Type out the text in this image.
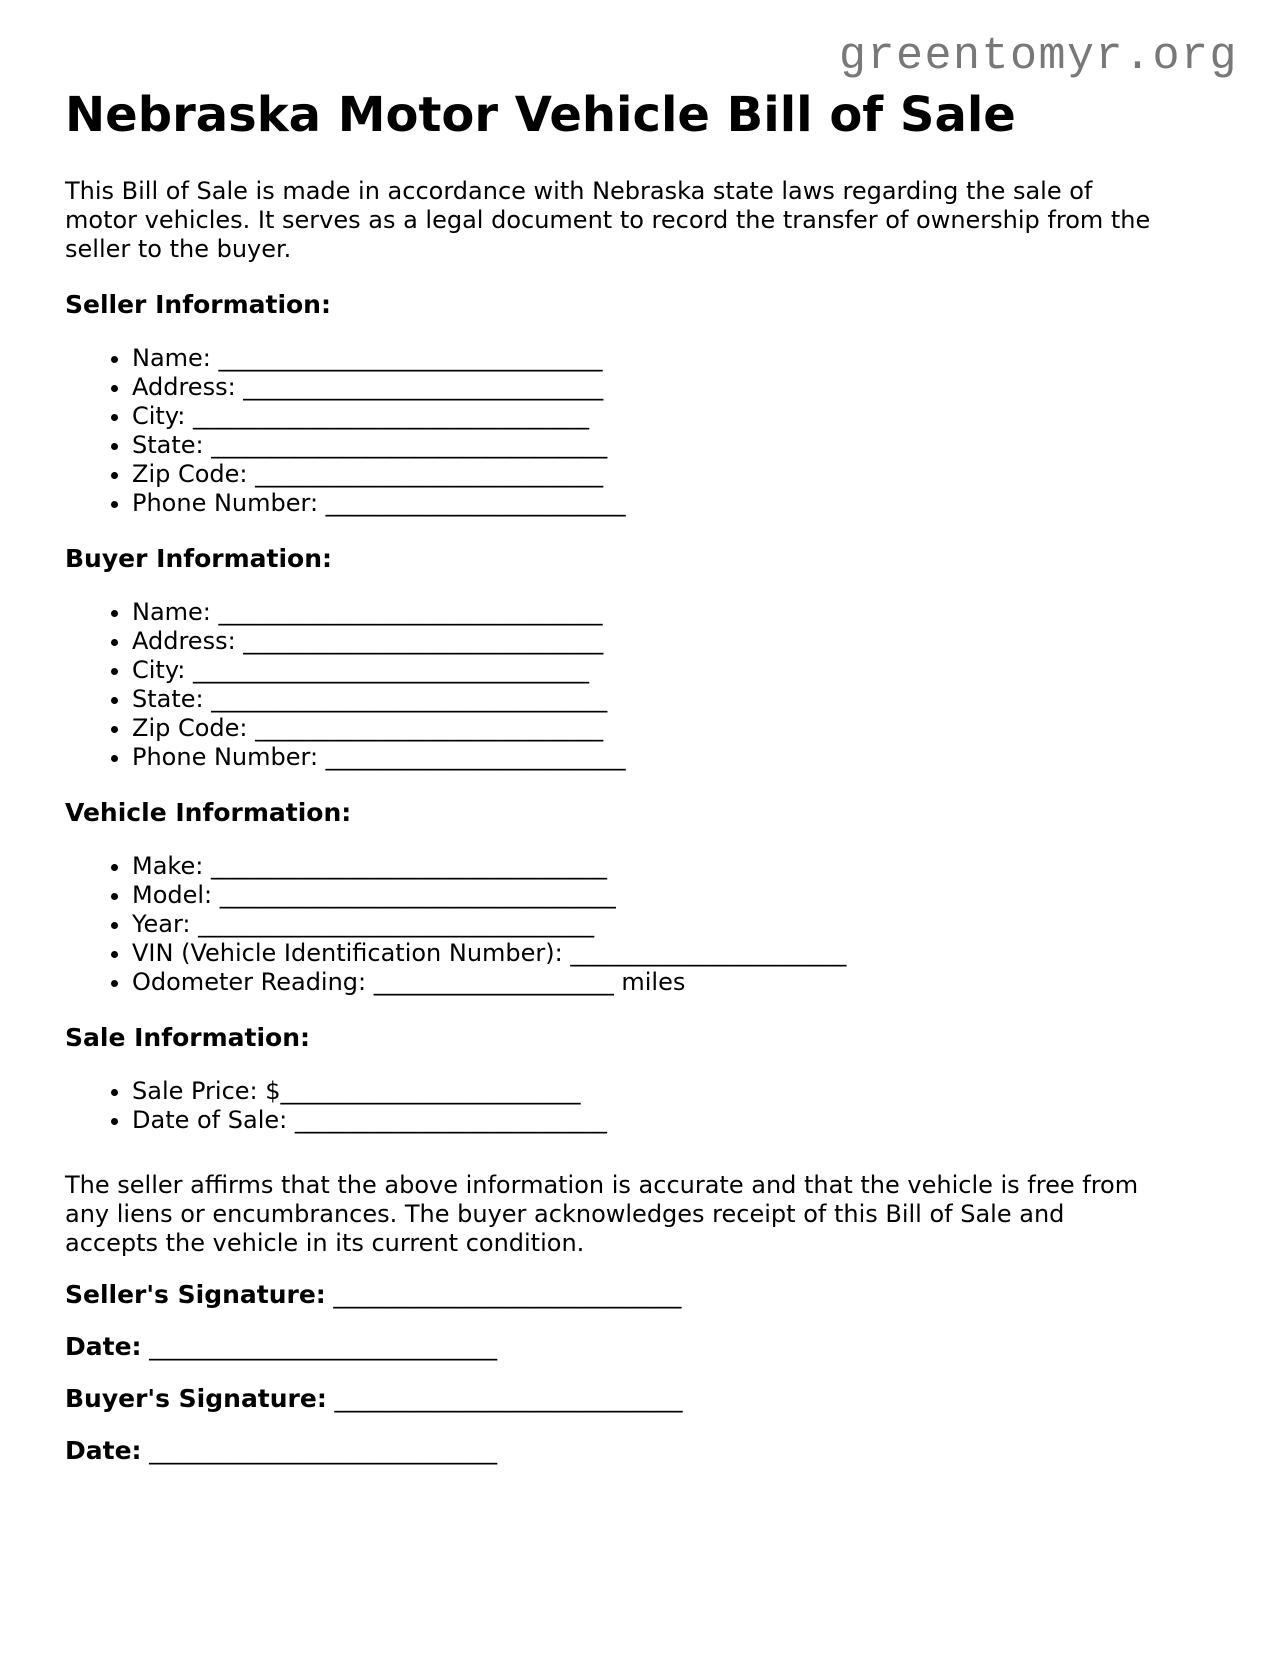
greentomyr.org
Nebraska Motor Vehicle Bill of Sale

This Bill of Sale is made in accordance with Nebraska state laws regarding the sale of
motor vehicles. It serves as a legal document to record the transfer of ownership from the
seller to the buyer.

Seller Information:
• Name: ________________________________
• Address: ______________________________
• City: _________________________________
• State: _________________________________
• Zip Code: _____________________________
• Phone Number: _________________________
Buyer Information:
• Name: ________________________________
• Address: ______________________________
• City: _________________________________
• State: _________________________________
• Zip Code: _____________________________
• Phone Number: _________________________
Vehicle Information:
• Make: _________________________________
• Model: _________________________________
• Year: _________________________________
• VIN (Vehicle Identification Number): _______________________
• Odometer Reading: ____________________ miles
Sale Information:
• Sale Price: $_________________________
• Date of Sale: __________________________

The seller affirms that the above information is accurate and that the vehicle is free from
any liens or encumbrances. The buyer acknowledges receipt of this Bill of Sale and
accepts the vehicle in its current condition.

Seller's Signature: _____________________________

Date: _____________________________

Buyer's Signature: _____________________________

Date: _____________________________
